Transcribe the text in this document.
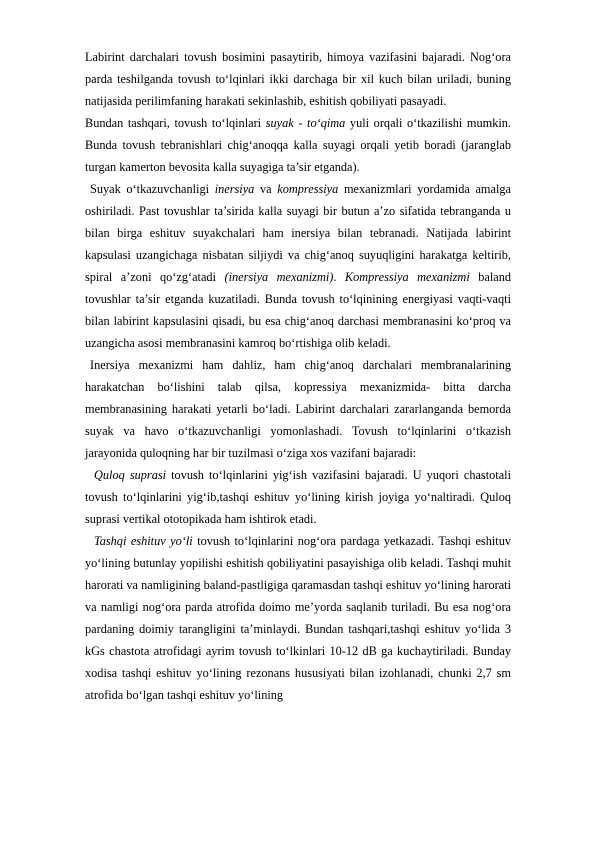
Labirint darchalari tovush bosimini pasaytirib, himoya vazifasini bajaradi. Nog‘ora parda teshilganda tovush to‘lqinlari ikki darchaga bir xil kuch bilan uriladi, buning natijasida perilimfaning harakati sekinlashib, eshitish qobiliyati pasayadi.

Bundan tashqari, tovush to‘lqinlari suyak - to‘qima yuli orqali o‘tkazilishi mumkin. Bunda tovush tebranishlari chig‘anoqqa kalla suyagi orqali yetib boradi (jaranglab turgan kamerton bevosita kalla suyagiga ta’sir etganda).

Suyak o‘tkazuvchanligi inersiya va kompressiya mexanizmlari yordamida amalga oshiriladi. Past tovushlar ta’sirida kalla suyagi bir butun a’zo sifatida tebranganda u bilan birga eshituv suyakchalari ham inersiya bilan tebranadi. Natijada labirint kapsulasi uzangichaga nisbatan siljiydi va chig‘anoq suyuqligini harakatga keltirib, spiral a’zoni qo‘zg‘atadi (inersiya mexanizmi). Kompressiya mexanizmi baland tovushlar ta’sir etganda kuzatiladi. Bunda tovush to‘lqinining energiyasi vaqti-vaqti bilan labirint kapsulasini qisadi, bu esa chig‘anoq darchasi membranasini ko‘proq va uzangicha asosi membranasini kamroq bo‘rtishiga olib keladi.

Inersiya mexanizmi ham dahliz, ham chig‘anoq darchalari membranalarining harakatchan bo‘lishini talab qilsa, kopressiya mexanizmida- bitta darcha membranasining harakati yetarli bo‘ladi. Labirint darchalari zararlanganda bemorda suyak va havo o‘tkazuvchanligi yomonlashadi. Tovush to‘lqinlarini o‘tkazish jarayonida quloqning har bir tuzilmasi o‘ziga xos vazifani bajaradi:

Quloq suprasi tovush to‘lqinlarini yig‘ish vazifasini bajaradi. U yuqori chastotali tovush to‘lqinlarini yig‘ib,tashqi eshituv yo‘lining kirish joyiga yo‘naltiradi. Quloq suprasi vertikal ototopikada ham ishtirok etadi.

Tashqi eshituv yo‘li tovush to‘lqinlarini nog‘ora pardaga yetkazadi. Tashqi eshituv yo‘lining butunlay yopilishi eshitish qobiliyatini pasayishiga olib keladi. Tashqi muhit harorati va namligining baland-pastligiga qaramasdan tashqi eshituv yo‘lining harorati va namligi nog‘ora parda atrofida doimo me’yorda saqlanib turiladi. Bu esa nog‘ora pardaning doimiy tarangligini ta’minlaydi. Bundan tashqari,tashqi eshituv yo‘lida 3 kGs chastota atrofidagi ayrim tovush to‘lkinlari 10-12 dB ga kuchaytiriladi. Bunday xodisa tashqi eshituv yo‘lining rezonans hususiyati bilan izohlanadi, chunki 2,7 sm atrofida bo‘lgan tashqi eshituv yo‘lining
